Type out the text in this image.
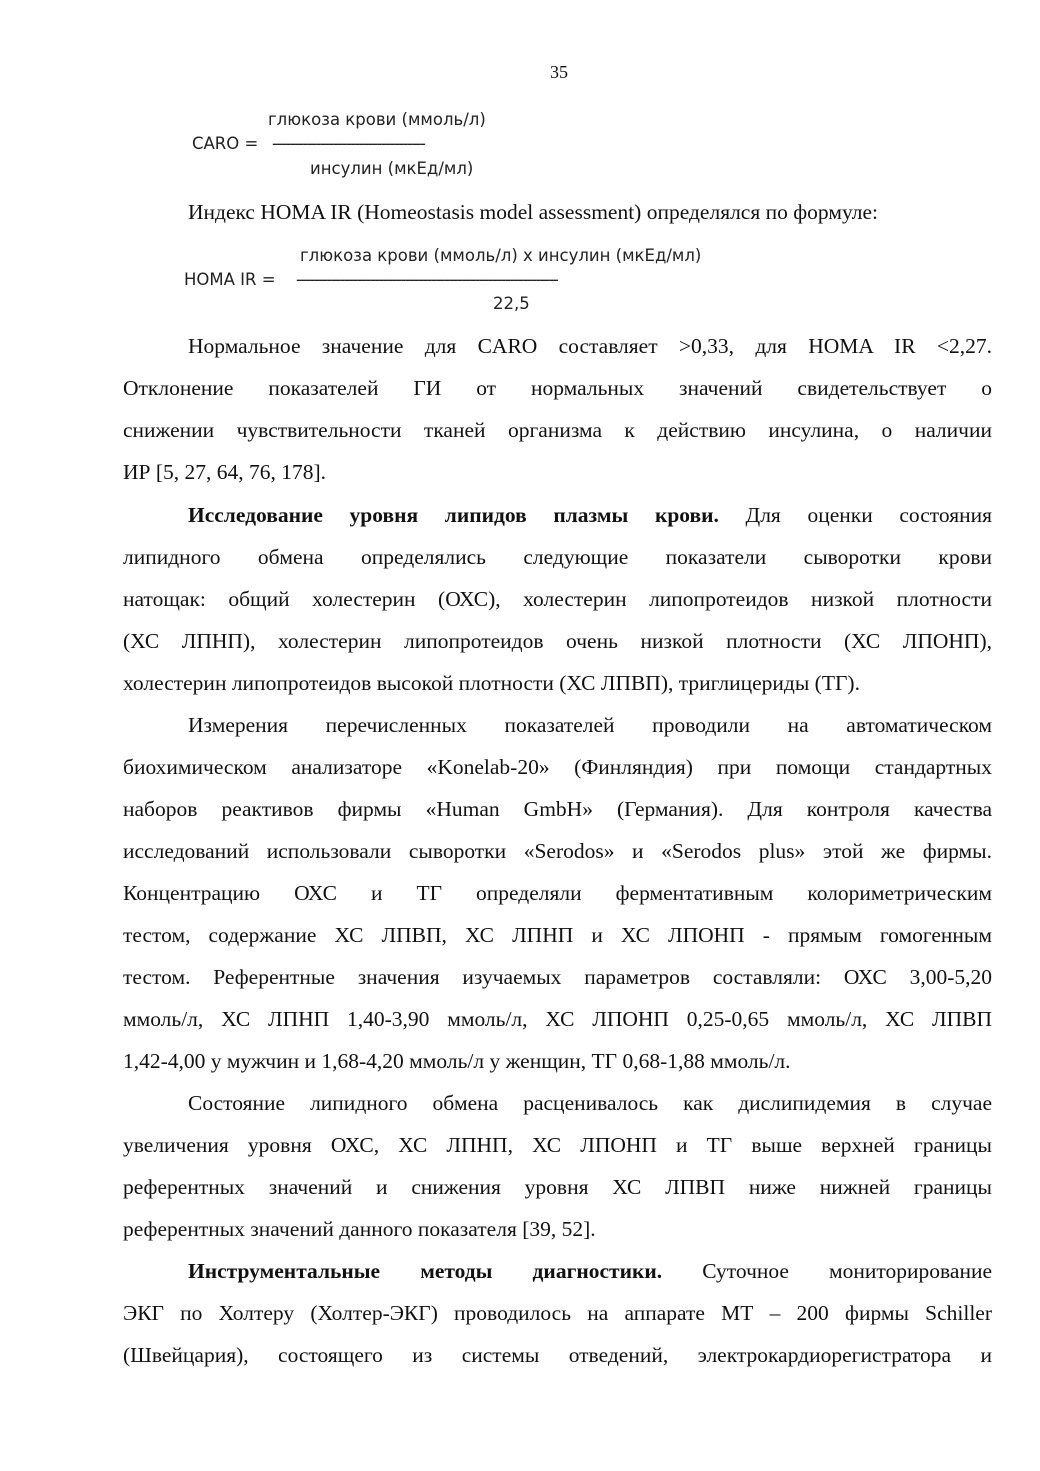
35

глюкоза крови (ммоль/л)

CARO =

-----------------------------------

инсулин (мкЕд/мл)

Индекс HOMA IR (Homeostasis model assessment) определялся по формуле:

глюкоза крови (ммоль/л) х инсулин (мкЕд/мл)

HOMA IR =

------------------------------------------------------------

22,5

Нормальное значение для CARO составляет >0,33, для HOMA IR <2,27.
Отклонение показателей ГИ от нормальных значений свидетельствует о
снижении чувствительности тканей организма к действию инсулина, о наличии
ИР [5, 27, 64, 76, 178].
Исследование уровня липидов плазмы крови. Для оценки состояния
липидного обмена определялись следующие показатели сыворотки крови
натощак: общий холестерин (ОХС), холестерин липопротеидов низкой плотности
(ХС ЛПНП), холестерин липопротеидов очень низкой плотности (ХС ЛПОНП),
холестерин липопротеидов высокой плотности (ХС ЛПВП), триглицериды (ТГ).
Измерения перечисленных показателей проводили на автоматическом
биохимическом анализаторе «Konelab-20» (Финляндия) при помощи стандартных
наборов реактивов фирмы «Human GmbH» (Германия). Для контроля качества
исследований использовали сыворотки «Serodos» и «Serodos plus» этой же фирмы.
Концентрацию ОХС и ТГ определяли ферментативным колориметрическим
тестом, содержание ХС ЛПВП, ХС ЛПНП и ХС ЛПОНП - прямым гомогенным
тестом. Референтные значения изучаемых параметров составляли: ОХС 3,00-5,20
ммоль/л, ХС ЛПНП 1,40-3,90 ммоль/л, ХС ЛПОНП 0,25-0,65 ммоль/л, ХС ЛПВП
1,42-4,00 у мужчин и 1,68-4,20 ммоль/л у женщин, ТГ 0,68-1,88 ммоль/л.
Состояние липидного обмена расценивалось как дислипидемия в случае
увеличения уровня ОХС, ХС ЛПНП, ХС ЛПОНП и ТГ выше верхней границы
референтных значений и снижения уровня ХС ЛПВП ниже нижней границы
референтных значений данного показателя [39, 52].
Инструментальные методы диагностики. Суточное мониторирование
ЭКГ по Холтеру (Холтер-ЭКГ) проводилось на аппарате МТ – 200 фирмы Schiller
(Швейцария), состоящего из системы отведений, электрокардиорегистратора и
